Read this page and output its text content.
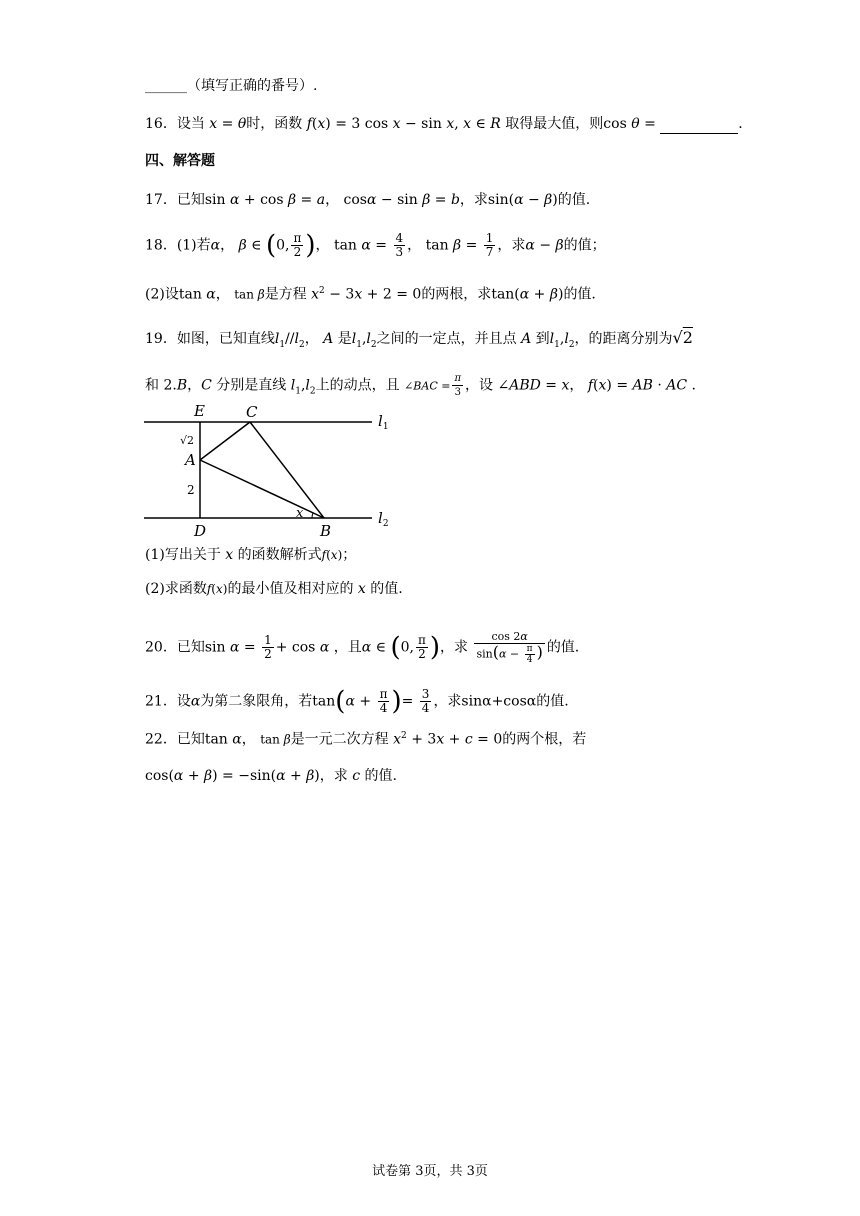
______（填写正确的番号）.
16．设当 x = θ时，函数 f(x) = 3 cos x − sin x, x ∈ R 取得最大值，则cos θ =	.
四、解答题
17．已知sin α + cos β = a， cosα − sin β = b，求sin(α − β)的值.
18．(1)若α， β ∈ (0, $\frac{\pi}{2}$ )， $\tan \alpha = \frac{4}{3}$ ， $\tan \beta = \frac{1}{7}$ ，求α − β的值；
(2)设tan α， tan β是方程 $x^2 - 3x + 2 = 0$的两根，求tan(α + β)的值.
19．如图，已知直线$l_1//l_2$， A 是$l_1,l_2$之间的一定点，并且点 A 到$l_1,l_2$，的距离分别为√2
和 2.B，C 分别是直线 $l_1,l_2$上的动点，且 ∠BAC = $\frac{\pi}{3}$ ，设 ∠ABD = x， f(x) = AB · AC .
E	C
√2
A
2
D	B
x
$l_1$
$l_2$
(1)写出关于 x 的函数解析式f(x)；
(2)求函数f(x)的最小值及相对应的 x 的值.
20．已知$\sin \alpha = \frac{1}{2} + \cos \alpha$ ，且α ∈ (0, $\frac{\pi}{2}$ )，求 $\frac{\cos 2\alpha}{\sin(\alpha - \frac{\pi}{4} )}$ 的值.
21．设α为第二象限角，若$\tan(\alpha + \frac{\pi}{4}$ )= $\frac{3}{4}$ ，求sinα+cosα的值.
22．已知tan α， tan β是一元二次方程 $x^2 + 3x + c = 0$的两个根，若
cos(α + β) = −sin(α + β)，求 c 的值.
试卷第 3页，共 3页
